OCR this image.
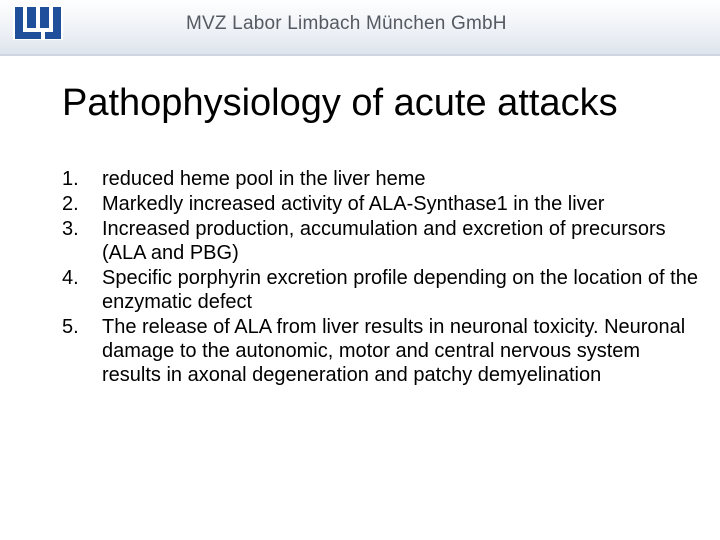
MVZ Labor Limbach München GmbH
Pathophysiology of acute attacks
1. reduced heme pool in the liver heme
2. Markedly increased activity of ALA-Synthase1 in the liver
3. Increased production, accumulation and excretion of precursors (ALA and PBG)
4. Specific porphyrin excretion profile depending on the location of the enzymatic defect
5. The release of ALA from liver results in neuronal toxicity. Neuronal damage to the autonomic, motor and central nervous system results in axonal degeneration and patchy demyelination
